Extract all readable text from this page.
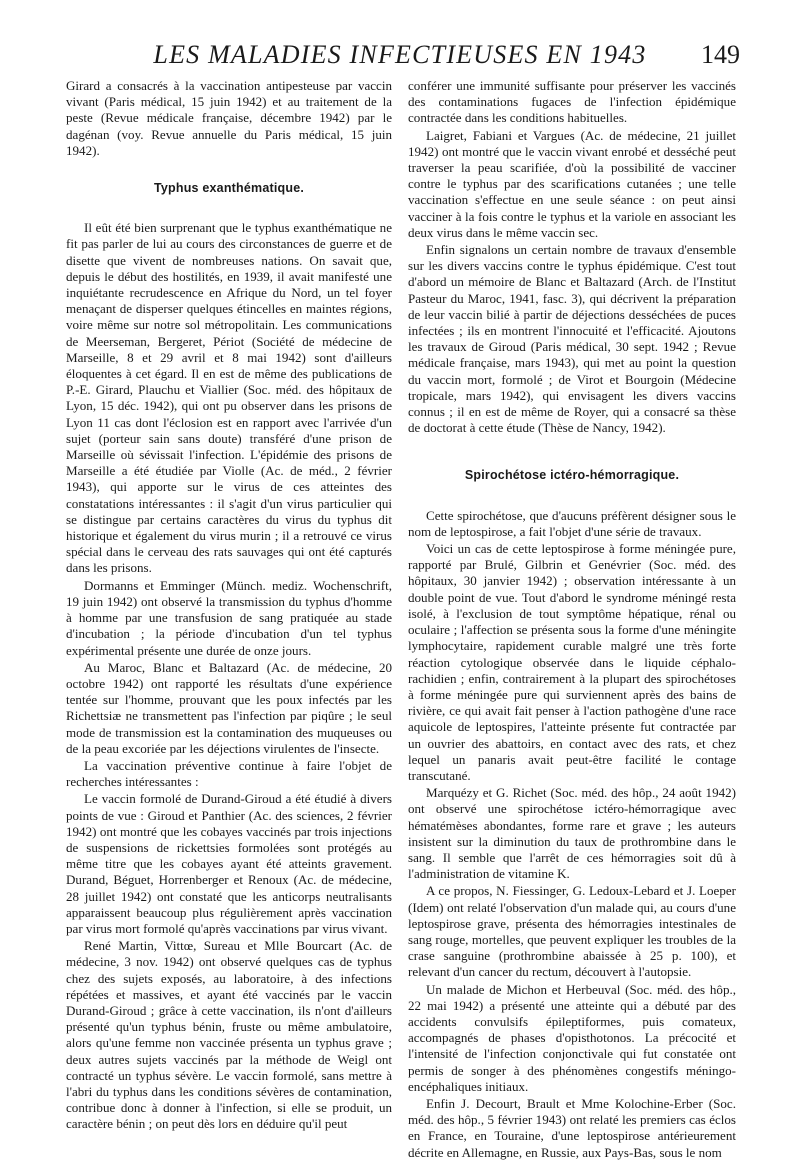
LES MALADIES INFECTIEUSES EN 1943	149

Girard a consacrés à la vaccination antipesteuse par vaccin vivant (Paris médical, 15 juin 1942) et au traitement de la peste (Revue médicale française, décembre 1942) par le dagénan (voy. Revue annuelle du Paris médical, 15 juin 1942).

Typhus exanthématique.

Il eût été bien surprenant que le typhus exanthématique ne fit pas parler de lui au cours des circonstances de guerre et de disette que vivent de nombreuses nations. On savait que, depuis le début des hostilités, en 1939, il avait manifesté une inquiétante recrudescence en Afrique du Nord, un tel foyer menaçant de disperser quelques étincelles en maintes régions, voire même sur notre sol métropolitain. Les communications de Meerseman, Bergeret, Périot (Société de médecine de Marseille, 8 et 29 avril et 8 mai 1942) sont d'ailleurs éloquentes à cet égard. Il en est de même des publications de P.-E. Girard, Plauchu et Viallier (Soc. méd. des hôpitaux de Lyon, 15 déc. 1942), qui ont pu observer dans les prisons de Lyon 11 cas dont l'éclosion est en rapport avec l'arrivée d'un sujet (porteur sain sans doute) transféré d'une prison de Marseille où sévissait l'infection. L'épidémie des prisons de Marseille a été étudiée par Violle (Ac. de méd., 2 février 1943), qui apporte sur le virus de ces atteintes des constatations intéressantes : il s'agit d'un virus particulier qui se distingue par certains caractères du virus du typhus dit historique et également du virus murin ; il a retrouvé ce virus spécial dans le cerveau des rats sauvages qui ont été capturés dans les prisons.

Dormanns et Emminger (Münch. mediz. Wochenschrift, 19 juin 1942) ont observé la transmission du typhus d'homme à homme par une transfusion de sang pratiquée au stade d'incubation ; la période d'incubation d'un tel typhus expérimental présente une durée de onze jours.

Au Maroc, Blanc et Baltazard (Ac. de médecine, 20 octobre 1942) ont rapporté les résultats d'une expérience tentée sur l'homme, prouvant que les poux infectés par les Richettsiæ ne transmettent pas l'infection par piqûre ; le seul mode de transmission est la contamination des muqueuses ou de la peau excoriée par les déjections virulentes de l'insecte.

La vaccination préventive continue à faire l'objet de recherches intéressantes :

Le vaccin formolé de Durand-Giroud a été étudié à divers points de vue : Giroud et Panthier (Ac. des sciences, 2 février 1942) ont montré que les cobayes vaccinés par trois injections de suspensions de rickettsies formolées sont protégés au même titre que les cobayes ayant été atteints gravement. Durand, Béguet, Horrenberger et Renoux (Ac. de médecine, 28 juillet 1942) ont constaté que les anticorps neutralisants apparaissent beaucoup plus régulièrement après vaccination par virus mort formolé qu'après vaccinations par virus vivant.

René Martin, Vittœ, Sureau et Mlle Bourcart (Ac. de médecine, 3 nov. 1942) ont observé quelques cas de typhus chez des sujets exposés, au laboratoire, à des infections répétées et massives, et ayant été vaccinés par le vaccin Durand-Giroud ; grâce à cette vaccination, ils n'ont d'ailleurs présenté qu'un typhus bénin, fruste ou même ambulatoire, alors qu'une femme non vaccinée présenta un typhus grave ; deux autres sujets vaccinés par la méthode de Weigl ont contracté un typhus sévère. Le vaccin formolé, sans mettre à l'abri du typhus dans les conditions sévères de contamination, contribue donc à donner à l'infection, si elle se produit, un caractère bénin ; on peut dès lors en déduire qu'il peut

conférer une immunité suffisante pour préserver les vaccinés des contaminations fugaces de l'infection épidémique contractée dans les conditions habituelles.

Laigret, Fabiani et Vargues (Ac. de médecine, 21 juillet 1942) ont montré que le vaccin vivant enrobé et desséché peut traverser la peau scarifiée, d'où la possibilité de vacciner contre le typhus par des scarifications cutanées ; une telle vaccination s'effectue en une seule séance : on peut ainsi vacciner à la fois contre le typhus et la variole en associant les deux virus dans le même vaccin sec.

Enfin signalons un certain nombre de travaux d'ensemble sur les divers vaccins contre le typhus épidémique. C'est tout d'abord un mémoire de Blanc et Baltazard (Arch. de l'Institut Pasteur du Maroc, 1941, fasc. 3), qui décrivent la préparation de leur vaccin bilié à partir de déjections desséchées de puces infectées ; ils en montrent l'innocuité et l'efficacité. Ajoutons les travaux de Giroud (Paris médical, 30 sept. 1942 ; Revue médicale française, mars 1943), qui met au point la question du vaccin mort, formolé ; de Virot et Bourgoin (Médecine tropicale, mars 1942), qui envisagent les divers vaccins connus ; il en est de même de Royer, qui a consacré sa thèse de doctorat à cette étude (Thèse de Nancy, 1942).

Spirochétose ictéro-hémorragique.

Cette spirochétose, que d'aucuns préfèrent désigner sous le nom de leptospirose, a fait l'objet d'une série de travaux.

Voici un cas de cette leptospirose à forme méningée pure, rapporté par Brulé, Gilbrin et Genévrier (Soc. méd. des hôpitaux, 30 janvier 1942) ; observation intéressante à un double point de vue. Tout d'abord le syndrome méningé resta isolé, à l'exclusion de tout symptôme hépatique, rénal ou oculaire ; l'affection se présenta sous la forme d'une méningite lymphocytaire, rapidement curable malgré une très forte réaction cytologique observée dans le liquide céphalo-rachidien ; enfin, contrairement à la plupart des spirochétoses à forme méningée pure qui surviennent après des bains de rivière, ce qui avait fait penser à l'action pathogène d'une race aquicole de leptospires, l'atteinte présente fut contractée par un ouvrier des abattoirs, en contact avec des rats, et chez lequel un panaris avait peut-être facilité le contage transcutané.

Marquézy et G. Richet (Soc. méd. des hôp., 24 août 1942) ont observé une spirochétose ictéro-hémorragique avec hématémèses abondantes, forme rare et grave ; les auteurs insistent sur la diminution du taux de prothrombine dans le sang. Il semble que l'arrêt de ces hémorragies soit dû à l'administration de vitamine K.

A ce propos, N. Fiessinger, G. Ledoux-Lebard et J. Loeper (Idem) ont relaté l'observation d'un malade qui, au cours d'une leptospirose grave, présenta des hémorragies intestinales de sang rouge, mortelles, que peuvent expliquer les troubles de la crase sanguine (prothrombine abaissée à 25 p. 100), et relevant d'un cancer du rectum, découvert à l'autopsie.

Un malade de Michon et Herbeuval (Soc. méd. des hôp., 22 mai 1942) a présenté une atteinte qui a débuté par des accidents convulsifs épileptiformes, puis comateux, accompagnés de phases d'opisthotonos. La précocité et l'intensité de l'infection conjonctivale qui fut constatée ont permis de songer à des phénomènes congestifs méningo-encéphaliques initiaux.

Enfin J. Decourt, Brault et Mme Kolochine-Erber (Soc. méd. des hôp., 5 février 1943) ont relaté les premiers cas éclos en France, en Touraine, d'une leptospirose antérieurement décrite en Allemagne, en Russie, aux Pays-Bas, sous le nom
